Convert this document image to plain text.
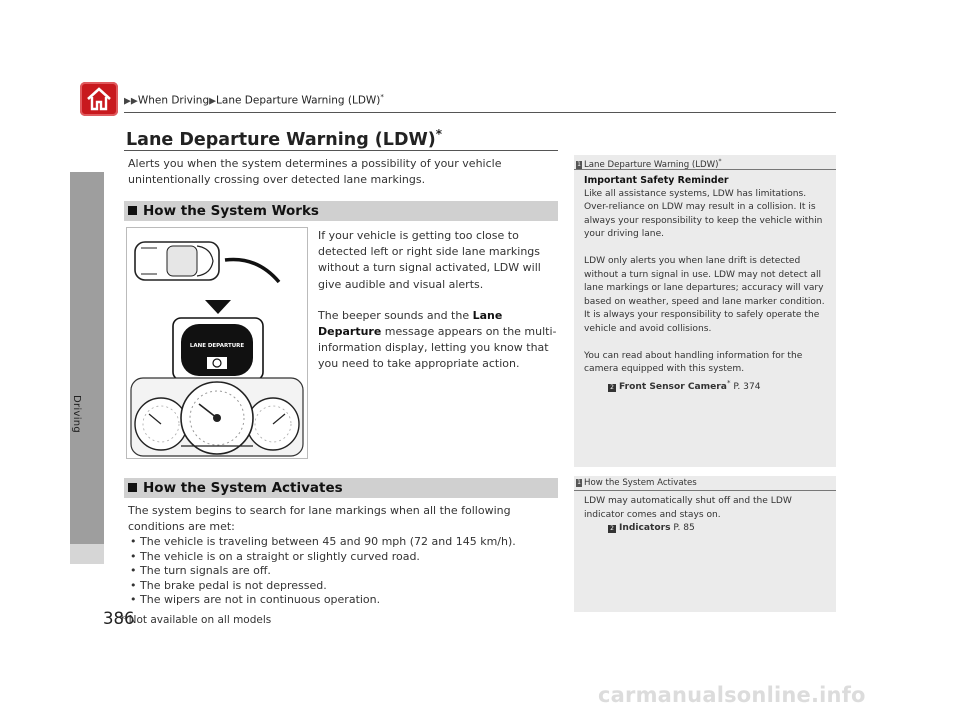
▶▶When Driving▶Lane Departure Warning (LDW)*
Driving
Lane Departure Warning (LDW)*
Alerts you when the system determines a possibility of your vehicle unintentionally crossing over detected lane markings.
How the System Works
LANE DEPARTURE
If your vehicle is getting too close to detected left or right side lane markings without a turn signal activated, LDW will give audible and visual alerts.
The beeper sounds and the Lane Departure message appears on the multi-information display, letting you know that you need to take appropriate action.
How the System Activates
The system begins to search for lane markings when all the following conditions are met:
• The vehicle is traveling between 45 and 90 mph (72 and 145 km/h).
• The vehicle is on a straight or slightly curved road.
• The turn signals are off.
• The brake pedal is not depressed.
• The wipers are not in continuous operation.
1 Lane Departure Warning (LDW)*
Important Safety Reminder
Like all assistance systems, LDW has limitations. Over-reliance on LDW may result in a collision. It is always your responsibility to keep the vehicle within your driving lane.
LDW only alerts you when lane drift is detected without a turn signal in use. LDW may not detect all lane markings or lane departures; accuracy will vary based on weather, speed and lane marker condition. It is always your responsibility to safely operate the vehicle and avoid collisions.
You can read about handling information for the camera equipped with this system.
2 Front Sensor Camera* P. 374
1 How the System Activates
LDW may automatically shut off and the LDW indicator comes and stays on.
2 Indicators P. 85
386
* Not available on all models
carmanualsonline.info
